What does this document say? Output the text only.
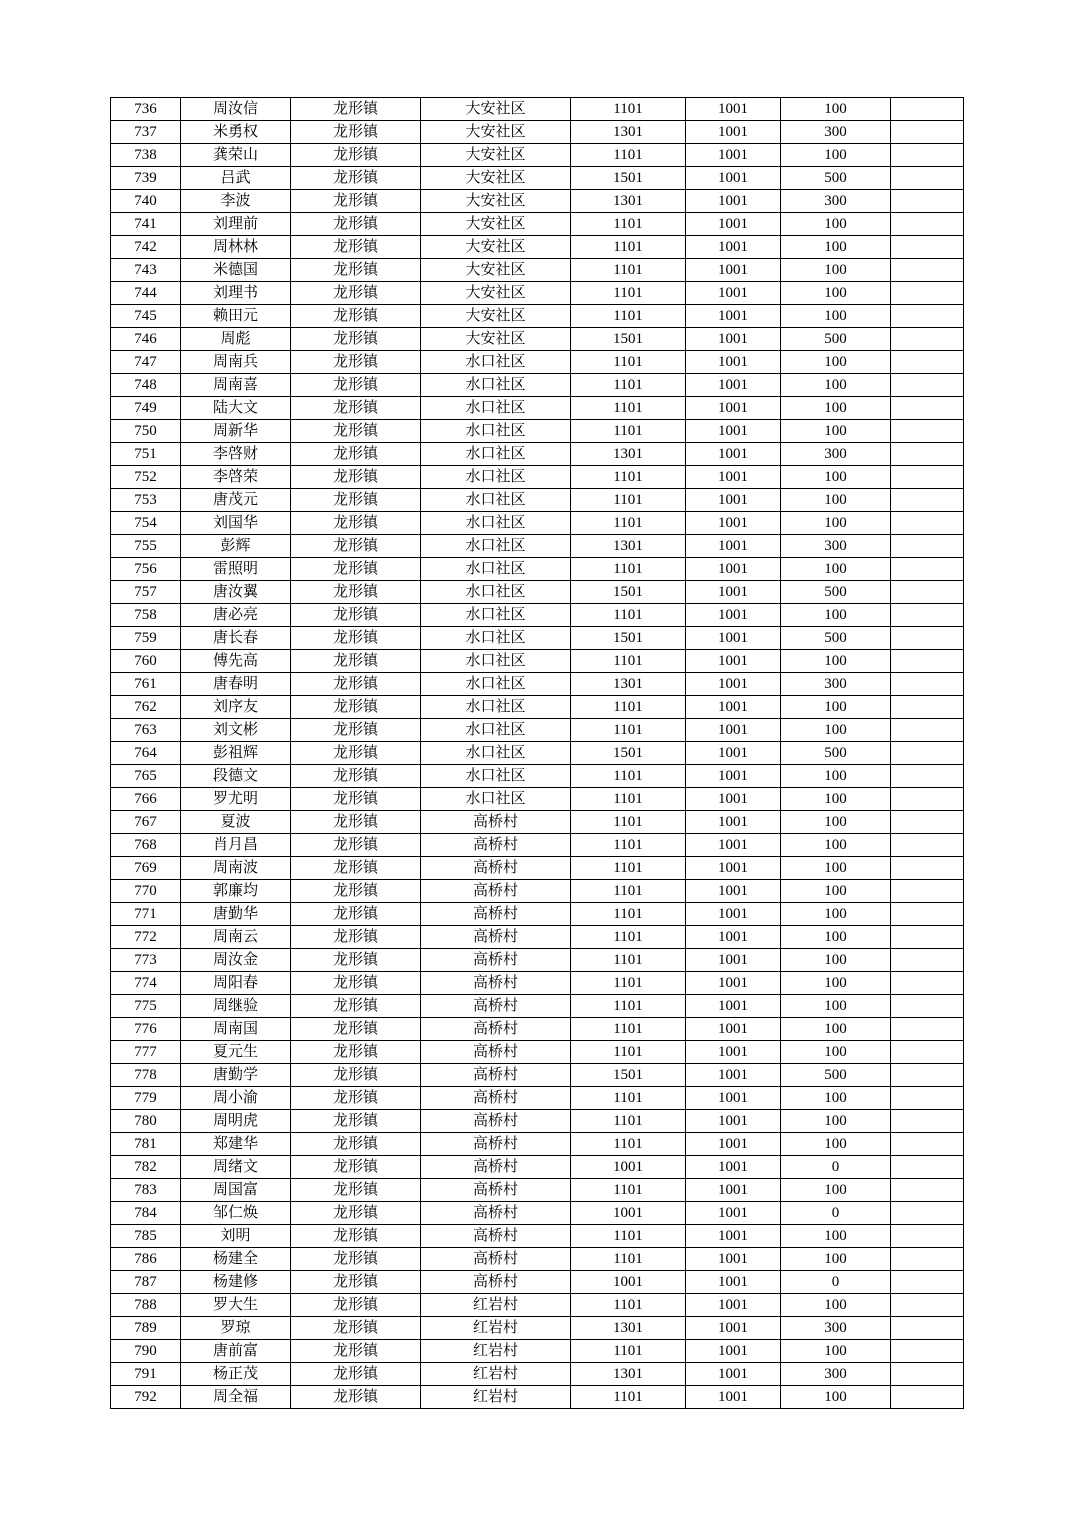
736	周汝信	龙形镇	大安社区	1101	1001	100	
737	米勇权	龙形镇	大安社区	1301	1001	300	
738	龚荣山	龙形镇	大安社区	1101	1001	100	
739	吕武	龙形镇	大安社区	1501	1001	500	
740	李波	龙形镇	大安社区	1301	1001	300	
741	刘理前	龙形镇	大安社区	1101	1001	100	
742	周林林	龙形镇	大安社区	1101	1001	100	
743	米德国	龙形镇	大安社区	1101	1001	100	
744	刘理书	龙形镇	大安社区	1101	1001	100	
745	赖田元	龙形镇	大安社区	1101	1001	100	
746	周彪	龙形镇	大安社区	1501	1001	500	
747	周南兵	龙形镇	水口社区	1101	1001	100	
748	周南喜	龙形镇	水口社区	1101	1001	100	
749	陆大文	龙形镇	水口社区	1101	1001	100	
750	周新华	龙形镇	水口社区	1101	1001	100	
751	李啓财	龙形镇	水口社区	1301	1001	300	
752	李啓荣	龙形镇	水口社区	1101	1001	100	
753	唐茂元	龙形镇	水口社区	1101	1001	100	
754	刘国华	龙形镇	水口社区	1101	1001	100	
755	彭辉	龙形镇	水口社区	1301	1001	300	
756	雷照明	龙形镇	水口社区	1101	1001	100	
757	唐汝翼	龙形镇	水口社区	1501	1001	500	
758	唐必亮	龙形镇	水口社区	1101	1001	100	
759	唐长春	龙形镇	水口社区	1501	1001	500	
760	傅先高	龙形镇	水口社区	1101	1001	100	
761	唐春明	龙形镇	水口社区	1301	1001	300	
762	刘序友	龙形镇	水口社区	1101	1001	100	
763	刘文彬	龙形镇	水口社区	1101	1001	100	
764	彭祖辉	龙形镇	水口社区	1501	1001	500	
765	段德文	龙形镇	水口社区	1101	1001	100	
766	罗尤明	龙形镇	水口社区	1101	1001	100	
767	夏波	龙形镇	高桥村	1101	1001	100	
768	肖月昌	龙形镇	高桥村	1101	1001	100	
769	周南波	龙形镇	高桥村	1101	1001	100	
770	郭廉均	龙形镇	高桥村	1101	1001	100	
771	唐勤华	龙形镇	高桥村	1101	1001	100	
772	周南云	龙形镇	高桥村	1101	1001	100	
773	周汝金	龙形镇	高桥村	1101	1001	100	
774	周阳春	龙形镇	高桥村	1101	1001	100	
775	周继验	龙形镇	高桥村	1101	1001	100	
776	周南国	龙形镇	高桥村	1101	1001	100	
777	夏元生	龙形镇	高桥村	1101	1001	100	
778	唐勤学	龙形镇	高桥村	1501	1001	500	
779	周小渝	龙形镇	高桥村	1101	1001	100	
780	周明虎	龙形镇	高桥村	1101	1001	100	
781	郑建华	龙形镇	高桥村	1101	1001	100	
782	周绪文	龙形镇	高桥村	1001	1001	0	
783	周国富	龙形镇	高桥村	1101	1001	100	
784	邹仁焕	龙形镇	高桥村	1001	1001	0	
785	刘明	龙形镇	高桥村	1101	1001	100	
786	杨建全	龙形镇	高桥村	1101	1001	100	
787	杨建修	龙形镇	高桥村	1001	1001	0	
788	罗大生	龙形镇	红岩村	1101	1001	100	
789	罗琼	龙形镇	红岩村	1301	1001	300	
790	唐前富	龙形镇	红岩村	1101	1001	100	
791	杨正茂	龙形镇	红岩村	1301	1001	300	
792	周全福	龙形镇	红岩村	1101	1001	100	
